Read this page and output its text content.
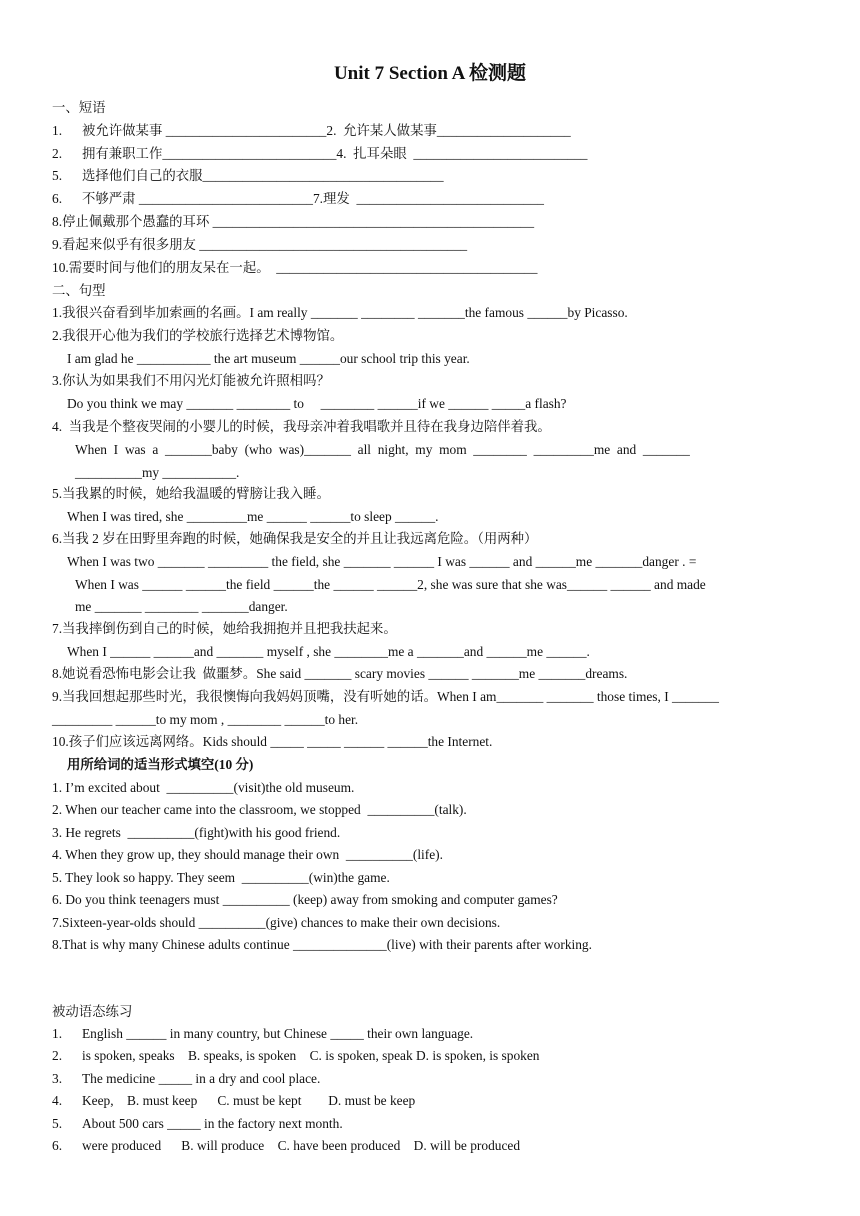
Unit 7 Section A 检测题
一、短语
1. 被允许做某事 ________________________2.  允许某人做某事____________________
2. 拥有兼职工作__________________________4.  扎耳朵眼  __________________________
5. 选择他们自己的衣服____________________________________
6. 不够严肃 __________________________7.理发  ____________________________
8.停止佩戴那个愚蠢的耳环 ________________________________________________
9.看起来似乎有很多朋友 ________________________________________
10.需要时间与他们的朋友呆在一起。  _______________________________________
二、句型
1.我很兴奋看到毕加索画的名画。I am really _______ ________ _______the famous ______by Picasso.
2.我很开心他为我们的学校旅行选择艺术博物馆。
I am glad he ___________ the art museum ______our school trip this year.
3.你认为如果我们不用闪光灯能被允许照相吗？
Do you think we may _______ ________ to     ________ ______if we ______ _____a flash?
4.  当我是个整夜哭闹的小婴儿的时候，我母亲冲着我唱歌并且待在我身边陪伴着我。
When  I  was  a  _______baby  (who  was)_______  all  night,  my  mom  ________  _________me  and  _______
__________my ___________.
5.当我累的时候，她给我温暖的臂膀让我入睡。
When I was tired, she _________me ______ ______to sleep ______.
6.当我 2 岁在田野里奔跑的时候，她确保我是安全的并且让我远离危险。（用两种）
When I was two _______ _________ the field, she _______ ______ I was ______ and ______me _______danger . =
When I was ______ ______the field ______the ______ ______2, she was sure that she was______ ______ and made
me _______ ________ _______danger.
7.当我摔倒伤到自己的时候，她给我拥抱并且把我扶起来。
When I ______ ______and _______ myself , she ________me a _______and ______me ______.
8.她说看恐怖电影会让我  做噩梦。She said _______ scary movies ______ _______me _______dreams.
9.当我回想起那些时光，我很懊悔向我妈妈顶嘴，没有听她的话。When I am_______ _______ those times, I _______
_________ ______to my mom , ________ ______to her.
10.孩子们应该远离网络。Kids should _____ _____ ______ ______the Internet.
用所给词的适当形式填空(10 分)
1. I’m excited about  __________(visit)the old museum.
2. When our teacher came into the classroom, we stopped  __________(talk).
3. He regrets  __________(fight)with his good friend.
4. When they grow up, they should manage their own  __________(life).
5. They look so happy. They seem  __________(win)the game.
6. Do you think teenagers must __________ (keep) away from smoking and computer games?
7.Sixteen-year-olds should __________(give) chances to make their own decisions.
8.That is why many Chinese adults continue ______________(live) with their parents after working.
被动语态练习
1. English ______ in many country, but Chinese _____ their own language.
2. is spoken, speaks    B. speaks, is spoken    C. is spoken, speak D. is spoken, is spoken
3. The medicine _____ in a dry and cool place.
4. Keep,    B. must keep      C. must be kept        D. must be keep
5. About 500 cars _____ in the factory next month.
6. were produced      B. will produce    C. have been produced    D. will be produced
